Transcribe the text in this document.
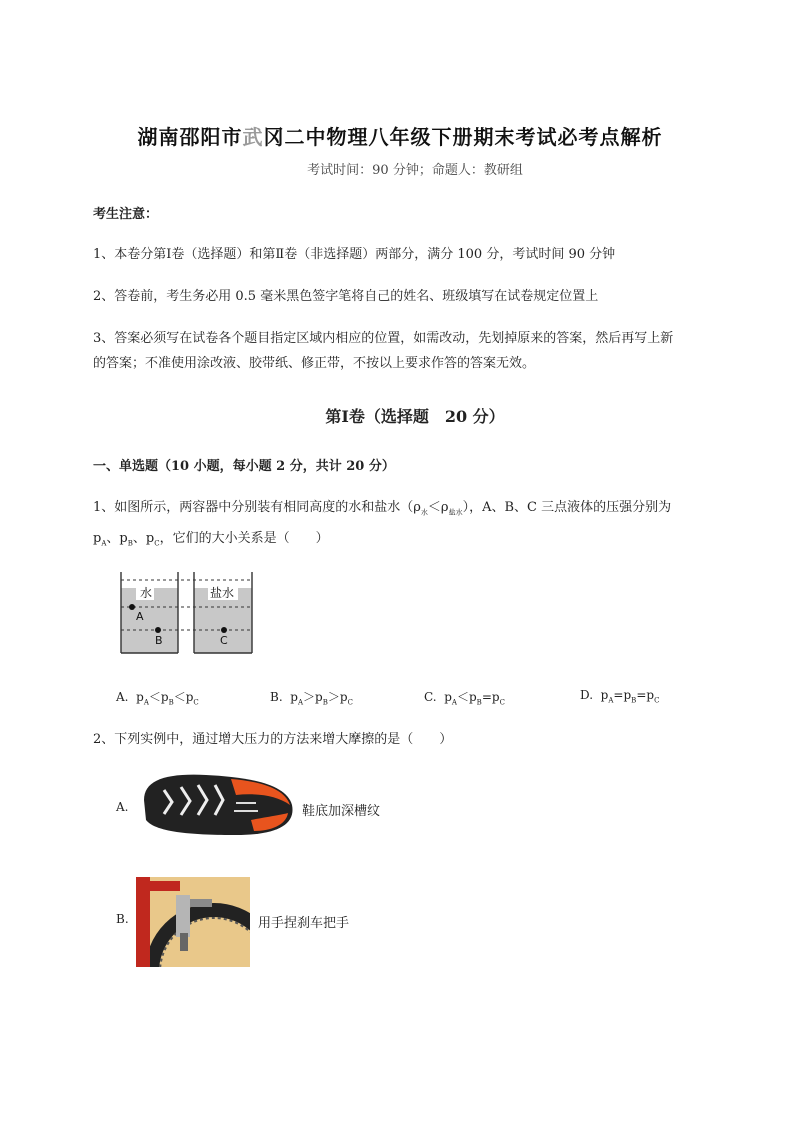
湖南邵阳市武冈二中物理八年级下册期末考试必考点解析
考试时间：90 分钟；命题人：教研组
考生注意：
1、本卷分第Ⅰ卷（选择题）和第Ⅱ卷（非选择题）两部分，满分 100 分，考试时间 90 分钟
2、答卷前，考生务必用 0.5 毫米黑色签字笔将自己的姓名、班级填写在试卷规定位置上
3、答案必须写在试卷各个题目指定区域内相应的位置，如需改动，先划掉原来的答案，然后再写上新
的答案；不准使用涂改液、胶带纸、修正带，不按以上要求作答的答案无效。
第Ⅰ卷（选择题　20 分）
一、单选题（10 小题，每小题 2 分，共计 20 分）
1、如图所示，两容器中分别装有相同高度的水和盐水$(\rho_水<\rho_{盐水})$，A、B、C 三点液体的压强分别为
$p_A$、$p_B$、$p_C$，它们的大小关系是（　　）
水	盐水
A
B	C
A. $p_A<p_B<p_C$	B. $p_A>p_B>p_C$	C. $p_A<p_B=p_C$
D. $p_A=p_B=p_C$
2、下列实例中，通过增大压力的方法来增大摩擦的是（　　）
A.	鞋底加深槽纹
B.	用手捏刹车把手
